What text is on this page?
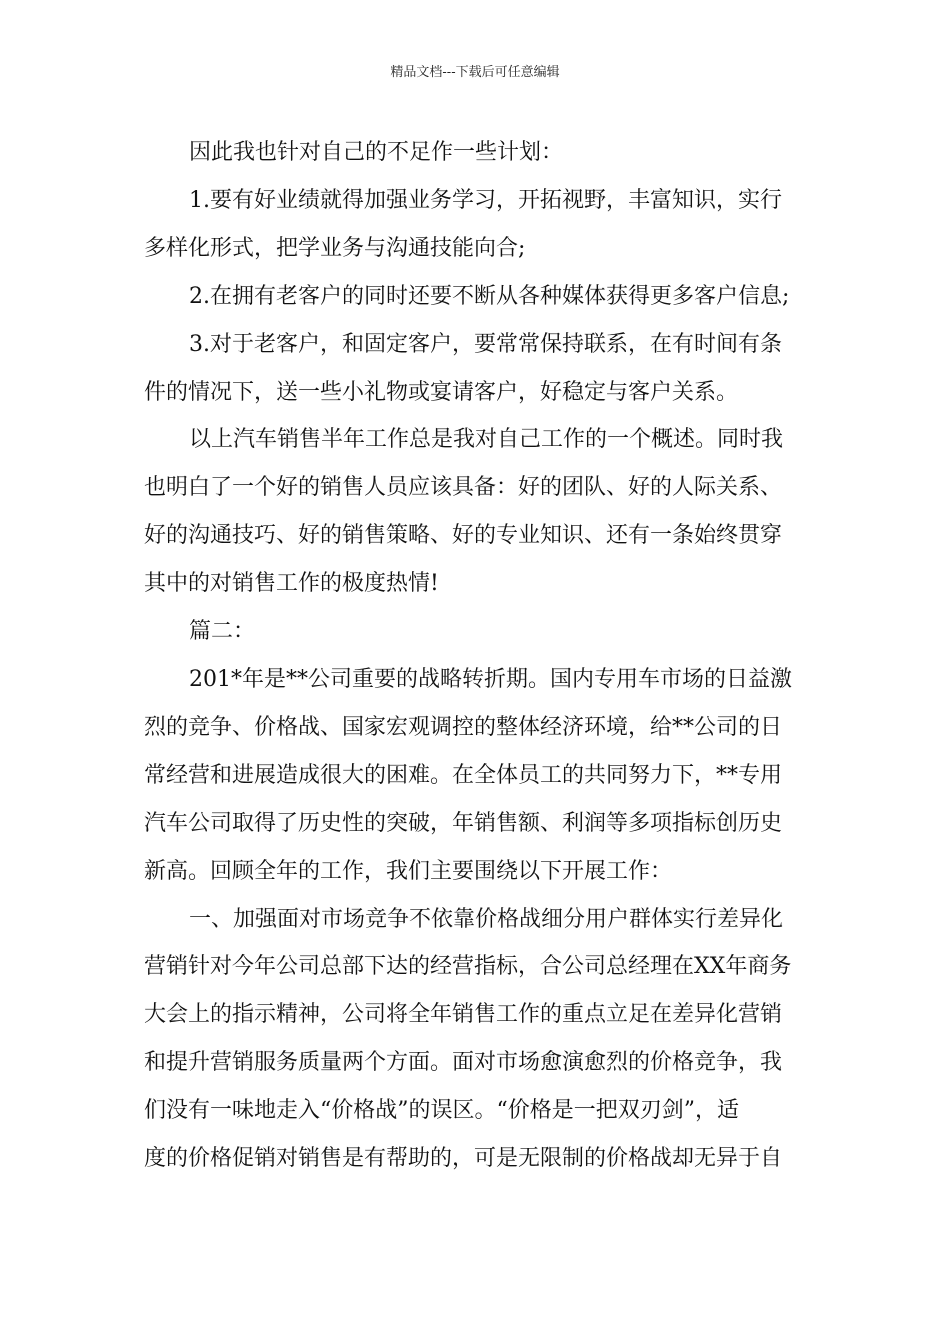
精品文档---下载后可任意编辑

因此我也针对自己的不足作一些计划：

1.要有好业绩就得加强业务学习，开拓视野，丰富知识，实行
多样化形式，把学业务与沟通技能向合;

2.在拥有老客户的同时还要不断从各种媒体获得更多客户信息;

3.对于老客户，和固定客户，要常常保持联系，在有时间有条
件的情况下，送一些小礼物或宴请客户，好稳定与客户关系。

以上汽车销售半年工作总是我对自己工作的一个概述。同时我
也明白了一个好的销售人员应该具备：好的团队、好的人际关系、
好的沟通技巧、好的销售策略、好的专业知识、还有一条始终贯穿
其中的对销售工作的极度热情!

篇二：

201*年是**公司重要的战略转折期。国内专用车市场的日益激
烈的竞争、价格战、国家宏观调控的整体经济环境，给**公司的日
常经营和进展造成很大的困难。在全体员工的共同努力下，**专用
汽车公司取得了历史性的突破，年销售额、利润等多项指标创历史
新高。回顾全年的工作，我们主要围绕以下开展工作：

一、加强面对市场竞争不依靠价格战细分用户群体实行差异化
营销针对今年公司总部下达的经营指标，合公司总经理在XX年商务
大会上的指示精神，公司将全年销售工作的重点立足在差异化营销
和提升营销服务质量两个方面。面对市场愈演愈烈的价格竞争，我
们没有一味地走入“价格战”的误区。“价格是一把双刃剑”，适
度的价格促销对销售是有帮助的，可是无限制的价格战却无异于自
